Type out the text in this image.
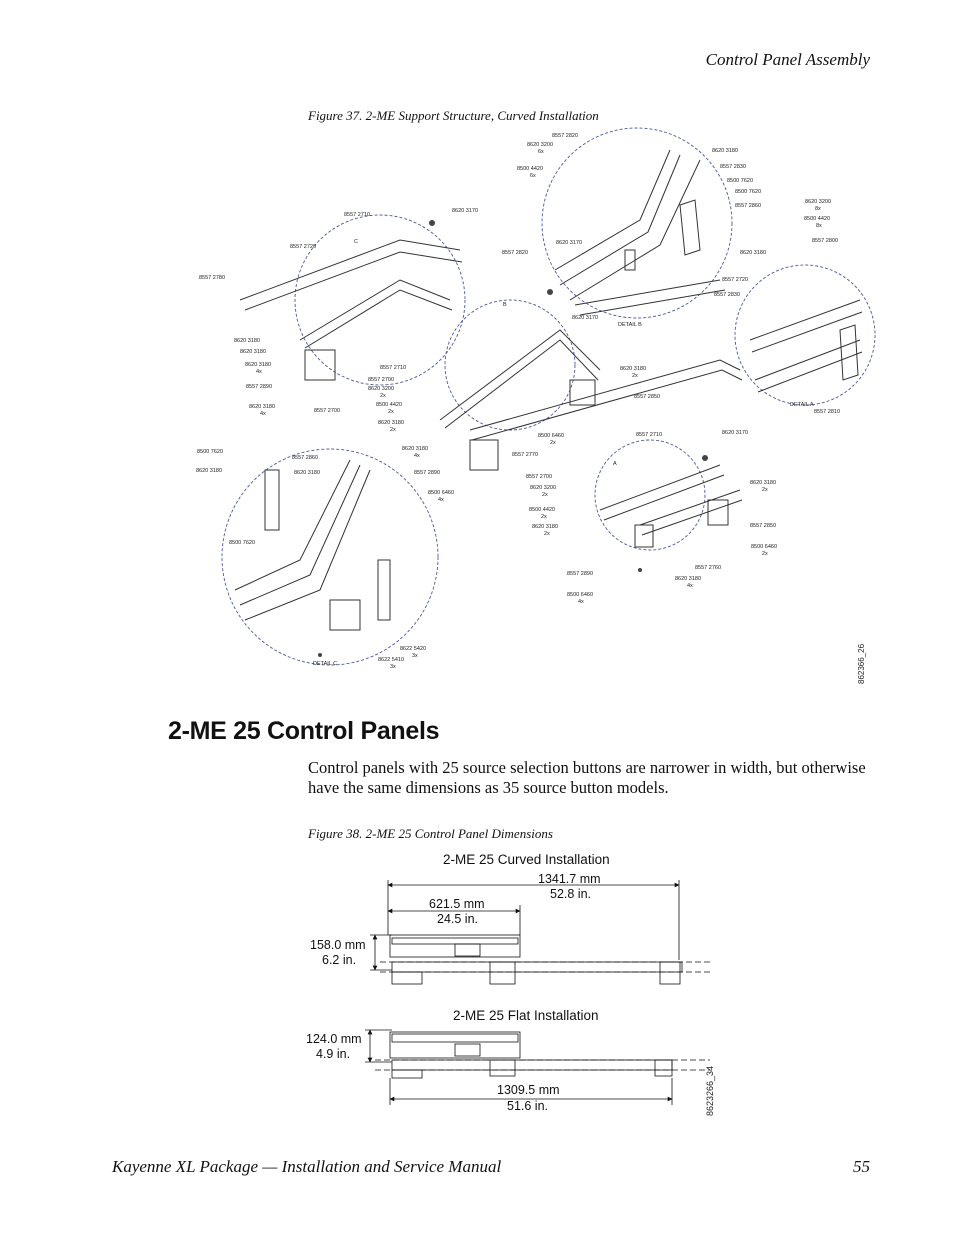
Control Panel Assembly
Figure 37. 2-ME Support Structure, Curved Installation
8557 2820
8620 3200
6x
8500 4420
6x
8620 3180
8557 2830
8500 7620
8500 7620
8557 2860
8620 3200
8x
8500 4420
8x
8557 2800
8557 2710
8620 3170
8557 2720
8557 2820
8620 3170
8620 3180
8557 2720
8557 2830
8557 2780
8620 3170
8620 3180
8620 3180
8620 3180
4x
8557 2710
8557 2890
8557 2700
8620 3200
2x
8620 3180
4x	8557 2700
8500 4420
2x
8620 3180
2x
8620 3180
2x
8557 2850
8557 2810
8500 6460
2x
8557 2710	8620 3170
8500 7620
8557 2860
8620 3180	8620 3180
8620 3180
4x	8557 2770
8557 2890
8500 6460
4x
8557 2700
8620 3200
2x
8620 3180
2x
8500 7620
8500 4420
2x
8557 2850
8620 3180
2x
8500 6460
2x
8557 2760
8557 2890
8620 3180
4x
8500 6460
4x
8622 5420
3x
8622 5410
3x
DETAIL B
DETAIL A
DETAIL C
C
B
A
862366_26
2-ME 25 Control Panels
Control panels with 25 source selection buttons are narrower in width, but otherwise have the same dimensions as 35 source button models.
Figure 38. 2-ME 25 Control Panel Dimensions
2-ME 25 Curved Installation
1341.7 mm
52.8 in.
621.5 mm
24.5 in.
158.0 mm
6.2 in.
2-ME 25 Flat Installation
124.0 mm
4.9 in.
1309.5 mm
51.6 in.	8623266_34
Kayenne XL Package — Installation and Service Manual	55
